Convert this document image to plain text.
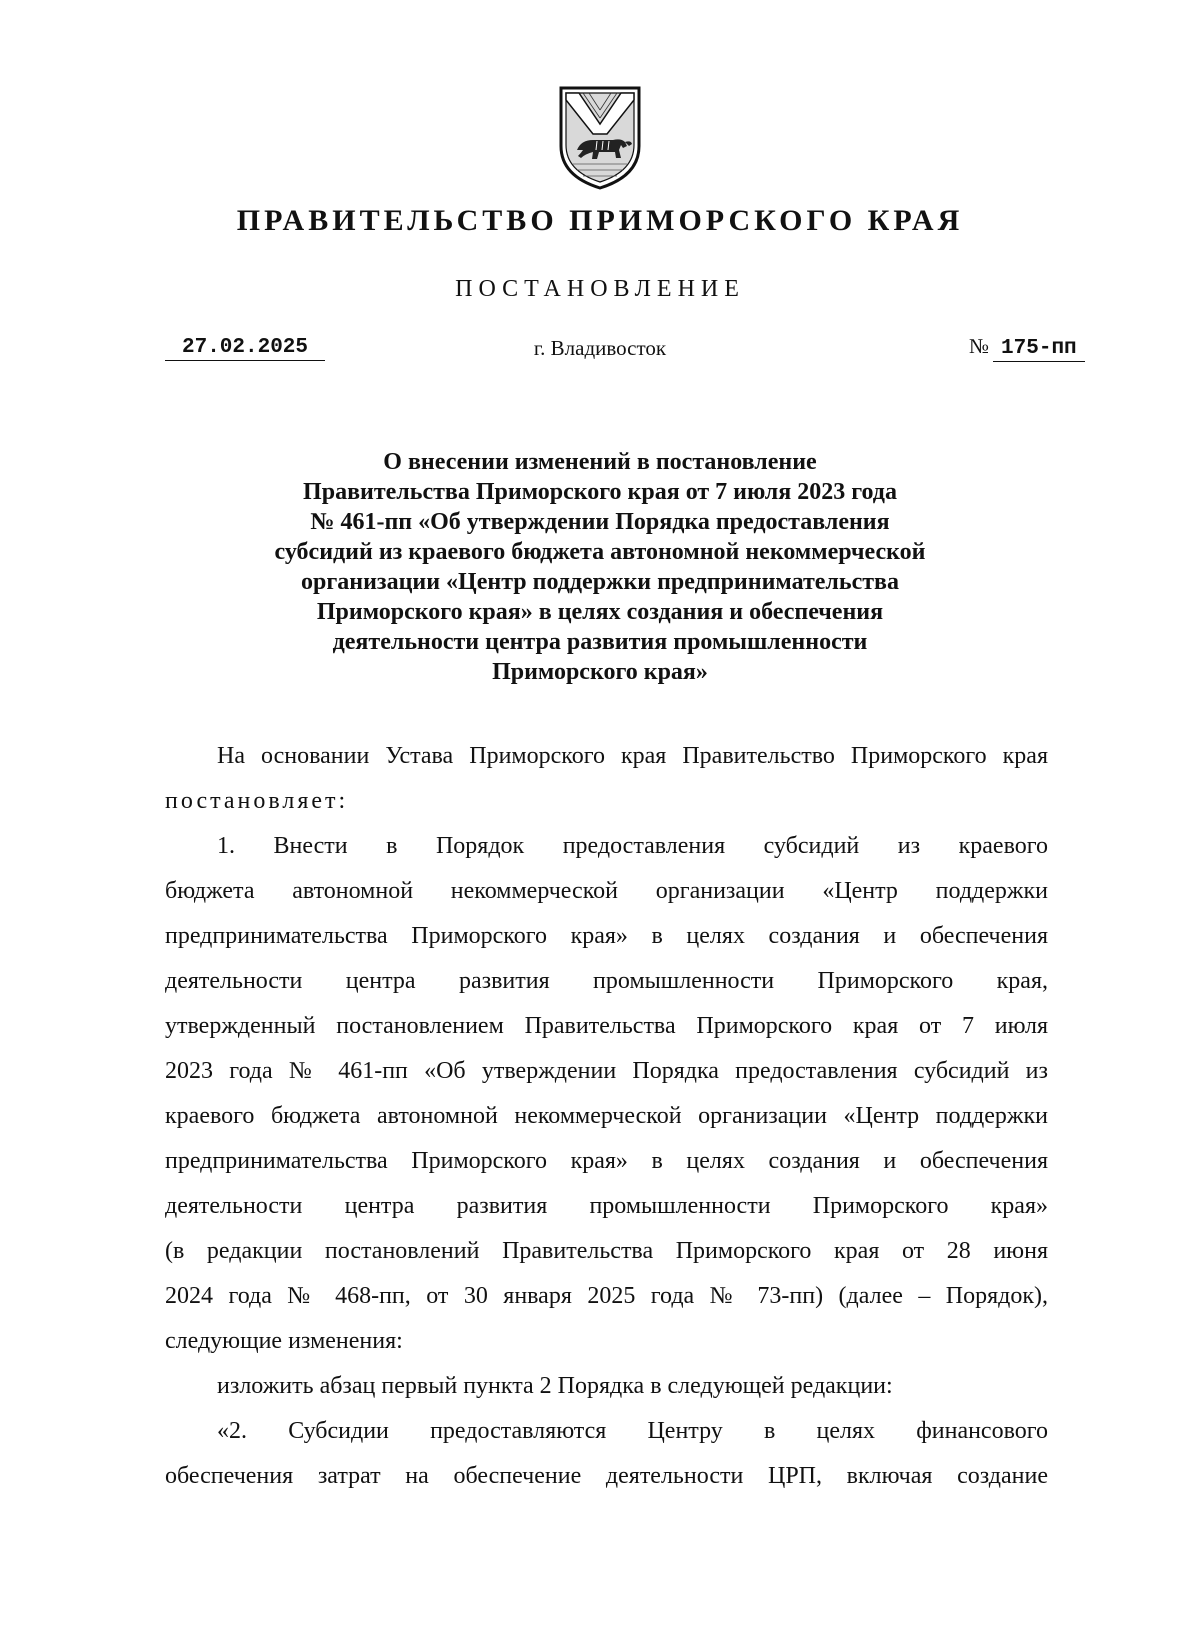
ПРАВИТЕЛЬСТВО ПРИМОРСКОГО КРАЯ
ПОСТАНОВЛЕНИЕ
27.02.2025	г. Владивосток	№ 175-пп
О внесении изменений в постановление
Правительства Приморского края от 7 июля 2023 года
№ 461-пп «Об утверждении Порядка предоставления
субсидий из краевого бюджета автономной некоммерческой
организации «Центр поддержки предпринимательства
Приморского края» в целях создания и обеспечения
деятельности центра развития промышленности
Приморского края»
На основании Устава Приморского края Правительство Приморского края
постановляет:
1. Внести в Порядок предоставления субсидий из краевого
бюджета автономной некоммерческой организации «Центр поддержки
предпринимательства Приморского края» в целях создания и обеспечения
деятельности центра развития промышленности Приморского края,
утвержденный постановлением Правительства Приморского края от 7 июля
2023 года № 461-пп «Об утверждении Порядка предоставления субсидий из
краевого бюджета автономной некоммерческой организации «Центр поддержки
предпринимательства Приморского края» в целях создания и обеспечения
деятельности центра развития промышленности Приморского края»
(в редакции постановлений Правительства Приморского края от 28 июня
2024 года № 468-пп, от 30 января 2025 года № 73-пп) (далее – Порядок),
следующие изменения:
изложить абзац первый пункта 2 Порядка в следующей редакции:
«2. Субсидии предоставляются Центру в целях финансового
обеспечения затрат на обеспечение деятельности ЦРП, включая создание
